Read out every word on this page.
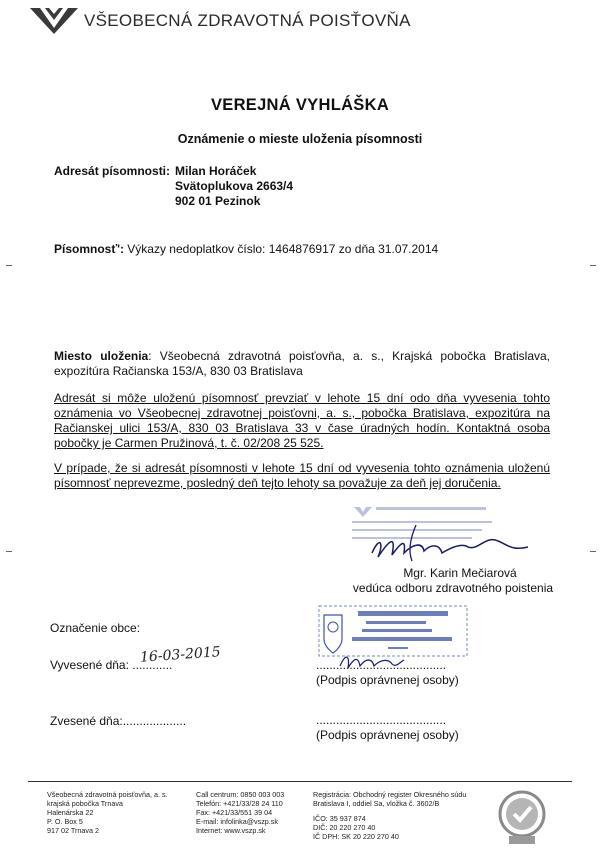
VŠEOBECNÁ ZDRAVOTNÁ POISŤOVŇA
VEREJNÁ VYHLÁŠKA
Oznámenie o mieste uloženia písomnosti
Adresát písomnosti: Milan Horáček
Svätoplukova 2663/4
902 01 Pezinok
Písomnosť': Výkazy nedoplatkov číslo: 1464876917 zo dňa 31.07.2014
Miesto uloženia: Všeobecná zdravotná poisťovňa, a. s., Krajská pobočka Bratislava, expozitúra Račianska 153/A, 830 03 Bratislava
Adresát si môže uloženú písomnosť prevziať v lehote 15 dní odo dňa vyvesenia tohto oznámenia vo Všeobecnej zdravotnej poisťovni, a. s., pobočka Bratislava, expozitúra na Račianskej ulici 153/A, 830 03 Bratislava 33 v čase úradných hodín. Kontaktná osoba pobočky je Carmen Pružinová, t. č. 02/208 25 525.
V prípade, že si adresát písomnosti v lehote 15 dní od vyvesenia tohto oznámenia uloženú písomnosť neprevezme, posledný deň tejto lehoty sa považuje za deň jej doručenia.
Mgr. Karin Mečiarová
vedúca odboru zdravotného poistenia
Označenie obce:
Vyvesené dňa: ............
16-03-2015	.......................................
(Podpis oprávnenej osoby)
Zvesené dňa:...................	.......................................
(Podpis oprávnenej osoby)
Všeobecná zdravotná poisťovňa, a. s.
krajská pobočka Trnava
Halenárska 22
P. O. Box 5
917 02 Trnava 2
Call centrum: 0850 003 003
Telefón: +421/33/28 24 110
Fax: +421/33/551 39 04
E-mail: infolinka@vszp.sk
Internet: www.vszp.sk
Registrácia: Obchodný register Okresného súdu
Bratislava I, oddiel Sa, vložka č. 3602/B
IČO: 35 937 874
DIČ: 20 220 270 40
IČ DPH: SK 20 220 270 40
